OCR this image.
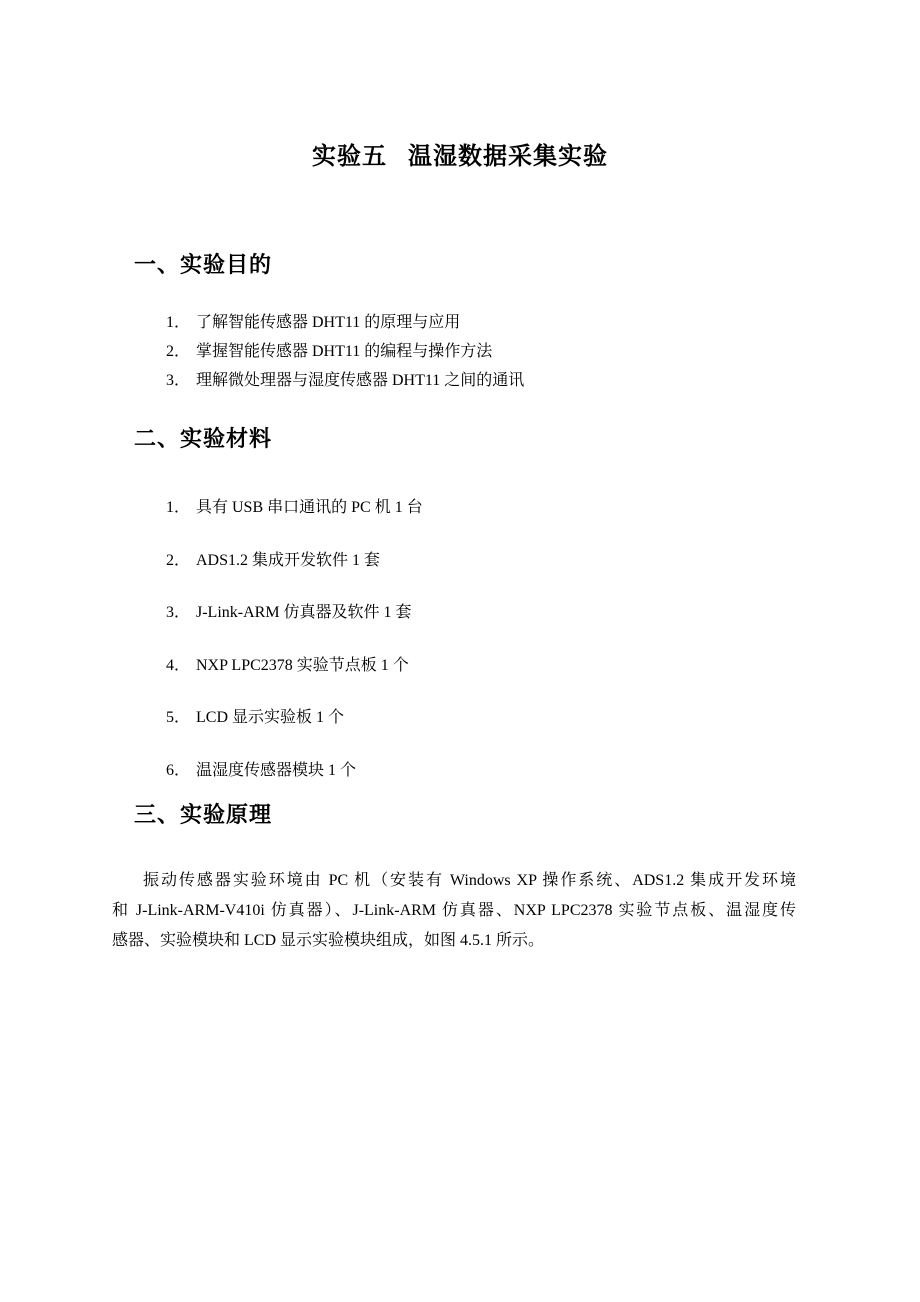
实验五 温湿数据采集实验
一、实验目的
1． 了解智能传感器 DHT11 的原理与应用
2． 掌握智能传感器 DHT11 的编程与操作方法
3． 理解微处理器与湿度传感器 DHT11 之间的通讯
二、实验材料
1． 具有 USB 串口通讯的 PC 机 1 台
2． ADS1.2 集成开发软件 1 套
3． J-Link-ARM 仿真器及软件 1 套
4． NXP LPC2378 实验节点板 1 个
5． LCD 显示实验板 1 个
6． 温湿度传感器模块 1 个
三、实验原理
振动传感器实验环境由 PC 机（安装有 Windows XP 操作系统、ADS1.2 集成开发环境
和 J-Link-ARM-V410i 仿真器）、J-Link-ARM 仿真器、NXP LPC2378 实验节点板、温湿度传
感器、实验模块和 LCD 显示实验模块组成，如图 4.5.1 所示。
